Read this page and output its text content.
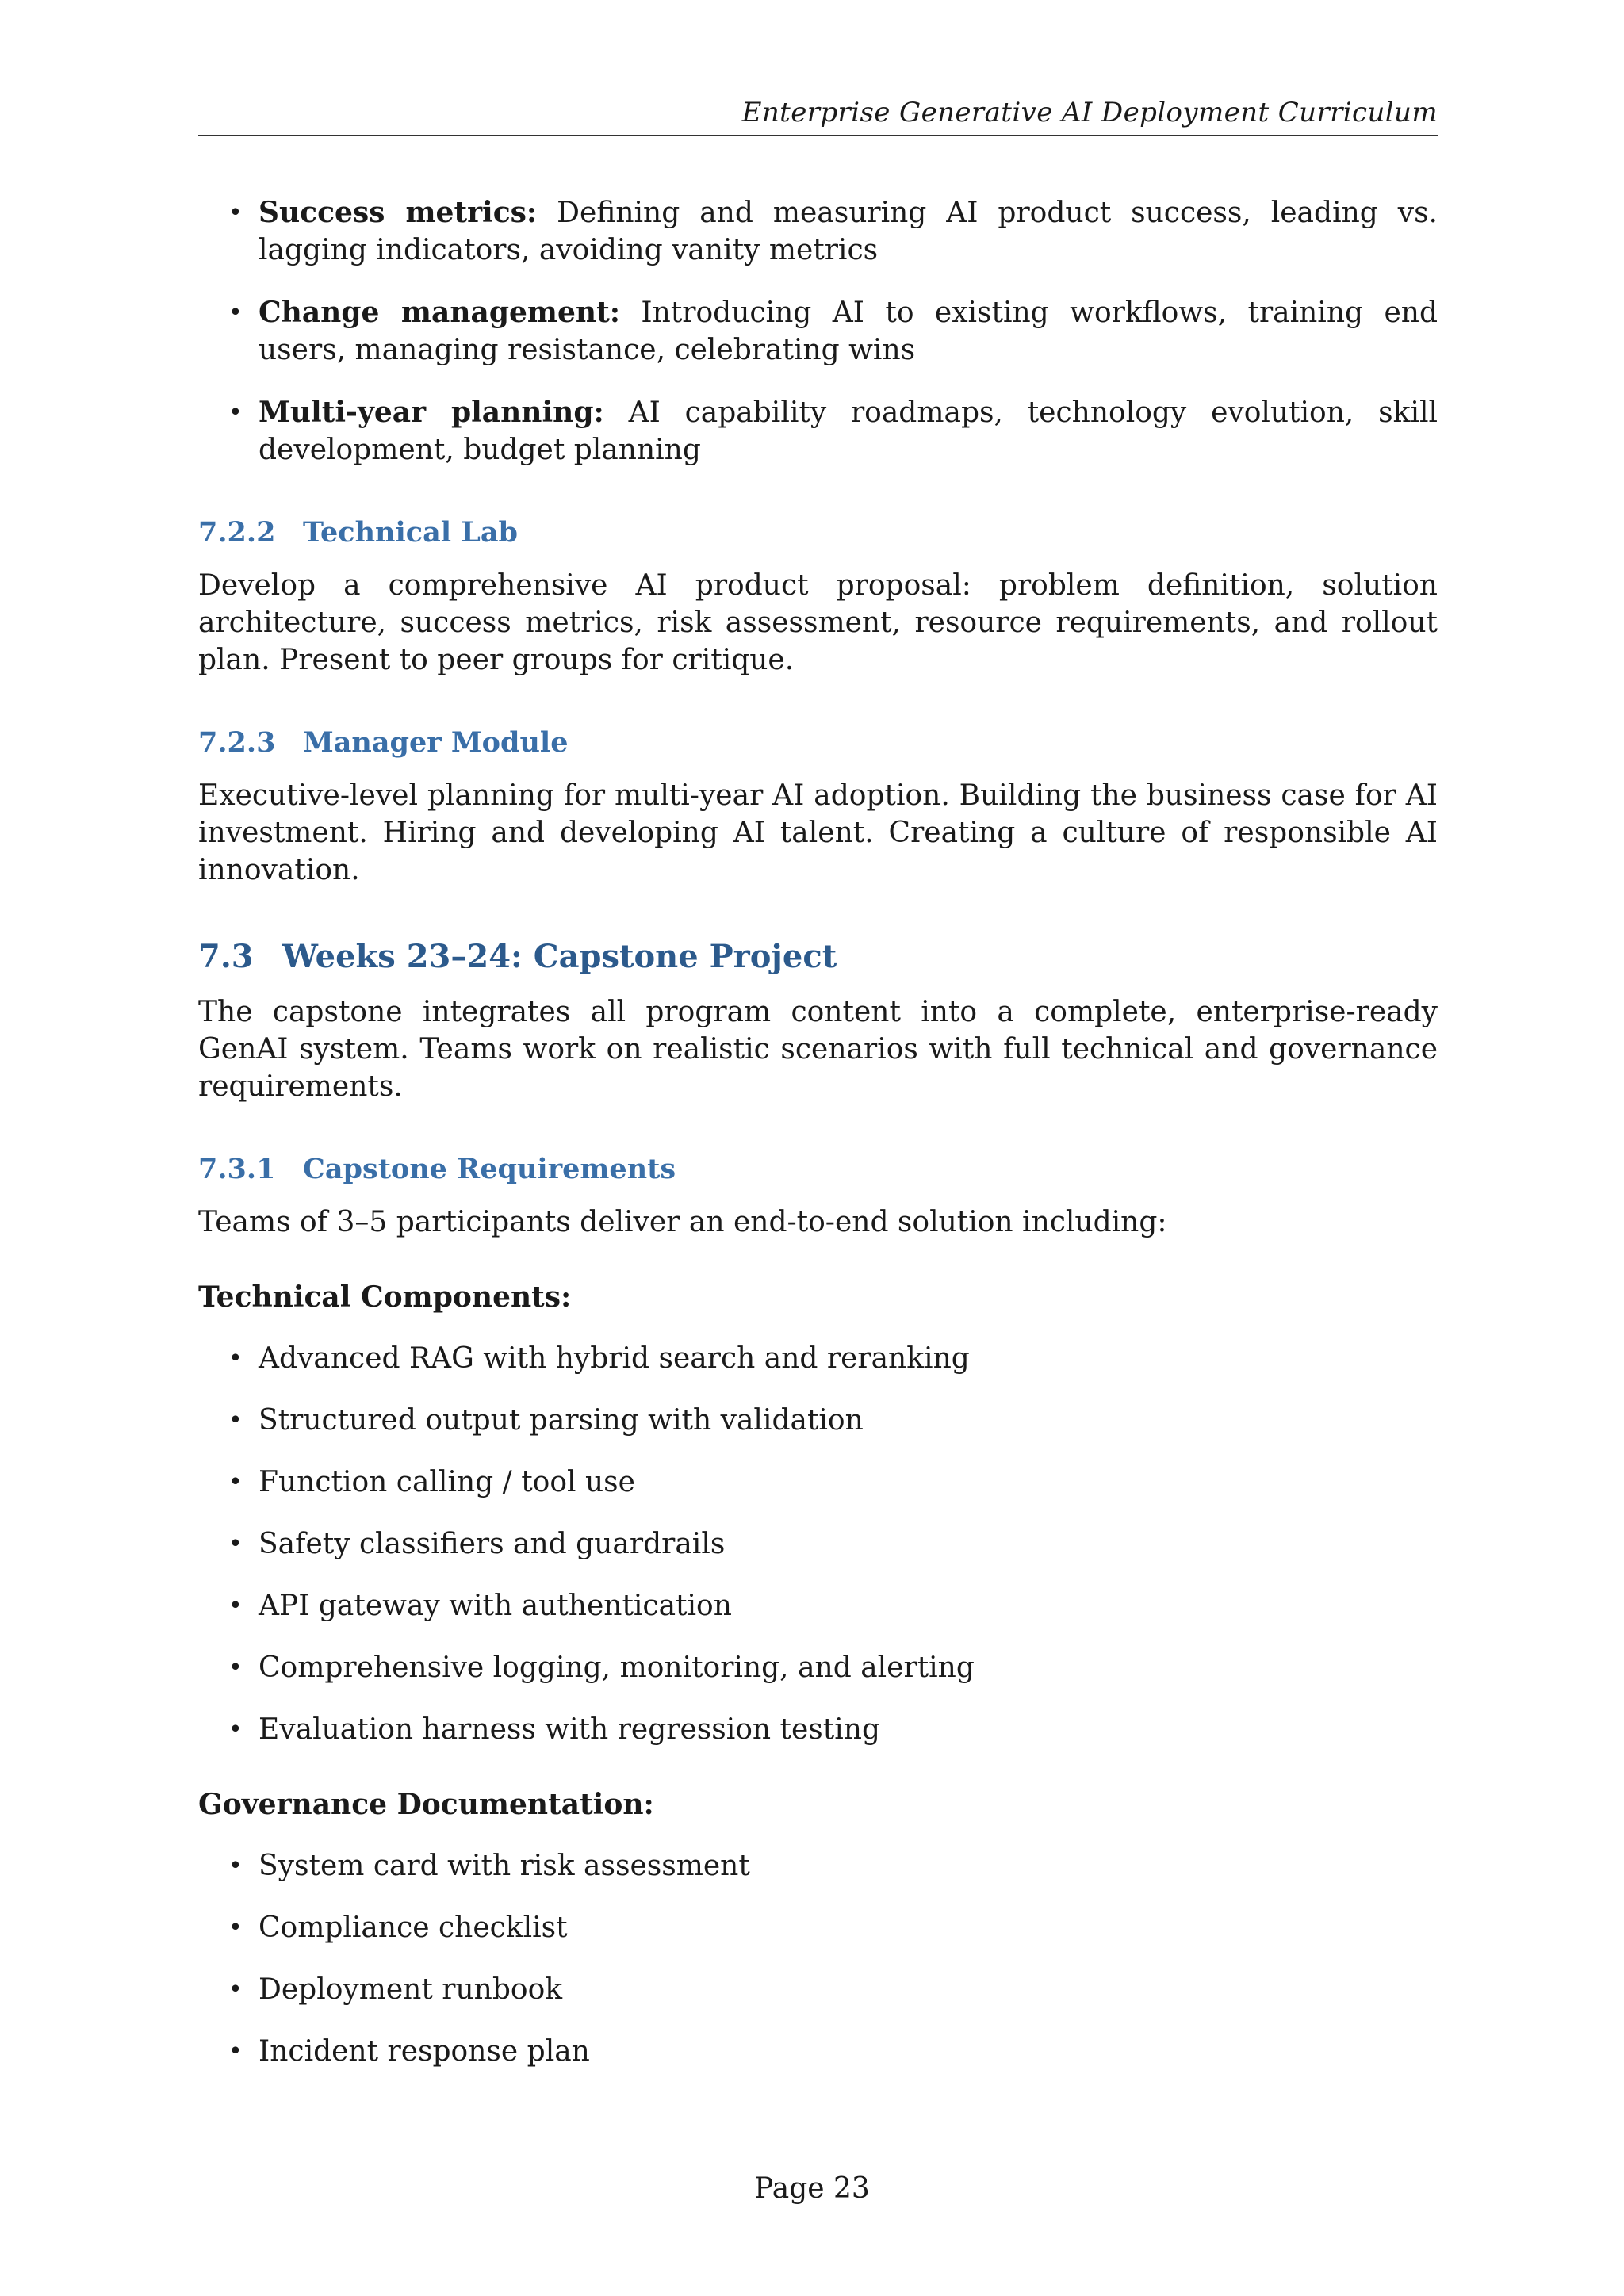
Enterprise Generative AI Deployment Curriculum
• Success metrics: Defining and measuring AI product success, leading vs. lagging indicators, avoiding vanity metrics
• Change management: Introducing AI to existing workflows, training end users, managing resistance, celebrating wins
• Multi-year planning: AI capability roadmaps, technology evolution, skill development, budget planning
7.2.2 Technical Lab

Develop a comprehensive AI product proposal: problem definition, solution architecture, success metrics, risk assessment, resource requirements, and rollout plan. Present to peer groups for critique.

7.2.3 Manager Module

Executive-level planning for multi-year AI adoption. Building the business case for AI investment. Hiring and developing AI talent. Creating a culture of responsible AI innovation.

7.3 Weeks 23–24: Capstone Project

The capstone integrates all program content into a complete, enterprise-ready GenAI system. Teams work on realistic scenarios with full technical and governance requirements.

7.3.1 Capstone Requirements

Teams of 3–5 participants deliver an end-to-end solution including:

Technical Components:
• Advanced RAG with hybrid search and reranking
• Structured output parsing with validation
• Function calling / tool use
• Safety classifiers and guardrails
• API gateway with authentication
• Comprehensive logging, monitoring, and alerting
• Evaluation harness with regression testing
Governance Documentation:
• System card with risk assessment
• Compliance checklist
• Deployment runbook
• Incident response plan
Page 23
